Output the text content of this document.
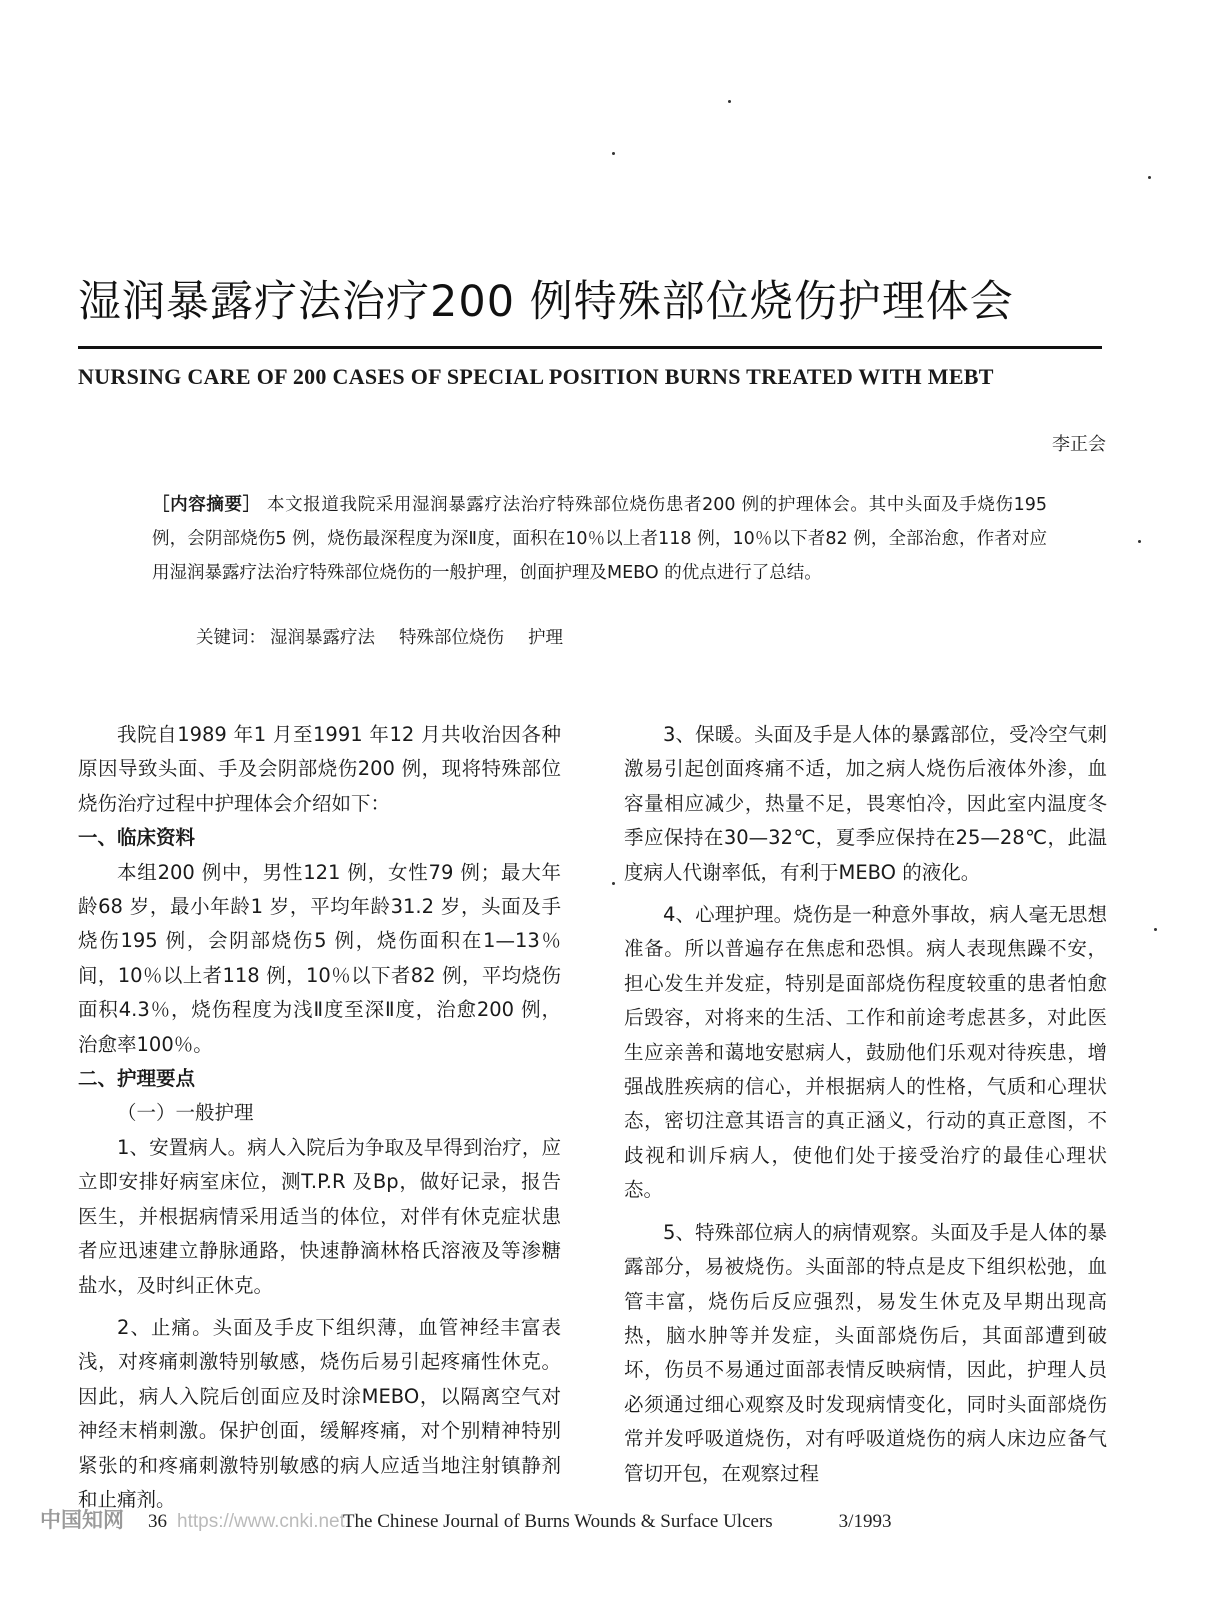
湿润暴露疗法治疗200 例特殊部位烧伤护理体会
NURSING CARE OF 200 CASES OF SPECIAL POSITION BURNS TREATED WITH MEBT
李正会
［内容摘要］ 本文报道我院采用湿润暴露疗法治疗特殊部位烧伤患者200 例的护理体会。其中头面及手烧伤195 例，会阴部烧伤5 例，烧伤最深程度为深Ⅱ度，面积在10％以上者118 例，10％以下者82 例，全部治愈，作者对应用湿润暴露疗法治疗特殊部位烧伤的一般护理，创面护理及MEBO 的优点进行了总结。
关键词： 湿润暴露疗法 特殊部位烧伤 护理

我院自1989 年1 月至1991 年12 月共收治因各种原因导致头面、手及会阴部烧伤200 例，现将特殊部位烧伤治疗过程中护理体会介绍如下：

一、临床资料

本组200 例中，男性121 例，女性79 例；最大年龄68 岁，最小年龄1 岁，平均年龄31.2 岁，头面及手烧伤195 例，会阴部烧伤5 例，烧伤面积在1—13％间，10％以上者118 例，10％以下者82 例，平均烧伤面积4.3％，烧伤程度为浅Ⅱ度至深Ⅱ度，治愈200 例，治愈率100％。

二、护理要点

（一）一般护理

1、安置病人。病人入院后为争取及早得到治疗，应立即安排好病室床位，测T.P.R 及Bp，做好记录，报告医生，并根据病情采用适当的体位，对伴有休克症状患者应迅速建立静脉通路，快速静滴林格氏溶液及等渗糖盐水，及时纠正休克。

2、止痛。头面及手皮下组织薄，血管神经丰富表浅，对疼痛刺激特别敏感，烧伤后易引起疼痛性休克。因此，病人入院后创面应及时涂MEBO，以隔离空气对神经末梢刺激。保护创面，缓解疼痛，对个别精神特别紧张的和疼痛刺激特别敏感的病人应适当地注射镇静剂和止痛剂。

3、保暖。头面及手是人体的暴露部位，受冷空气刺激易引起创面疼痛不适，加之病人烧伤后液体外渗，血容量相应减少，热量不足，畏寒怕冷，因此室内温度冬季应保持在30—32℃，夏季应保持在25—28℃，此温度病人代谢率低，有利于MEBO 的液化。

4、心理护理。烧伤是一种意外事故，病人毫无思想准备。所以普遍存在焦虑和恐惧。病人表现焦躁不安，担心发生并发症，特别是面部烧伤程度较重的患者怕愈后毁容，对将来的生活、工作和前途考虑甚多，对此医生应亲善和蔼地安慰病人，鼓励他们乐观对待疾患，增强战胜疾病的信心，并根据病人的性格，气质和心理状态，密切注意其语言的真正涵义，行动的真正意图，不歧视和训斥病人，使他们处于接受治疗的最佳心理状态。

5、特殊部位病人的病情观察。头面及手是人体的暴露部分，易被烧伤。头面部的特点是皮下组织松弛，血管丰富，烧伤后反应强烈，易发生休克及早期出现高热，脑水肿等并发症，头面部烧伤后，其面部遭到破坏，伤员不易通过面部表情反映病情，因此，护理人员必须通过细心观察及时发现病情变化，同时头面部烧伤常并发呼吸道烧伤，对有呼吸道烧伤的病人床边应备气管切开包，在观察过程

中国知网 36 https://www.cnki.netThe Chinese Journal of Burns Wounds & Surface Ulcers	3/1993
